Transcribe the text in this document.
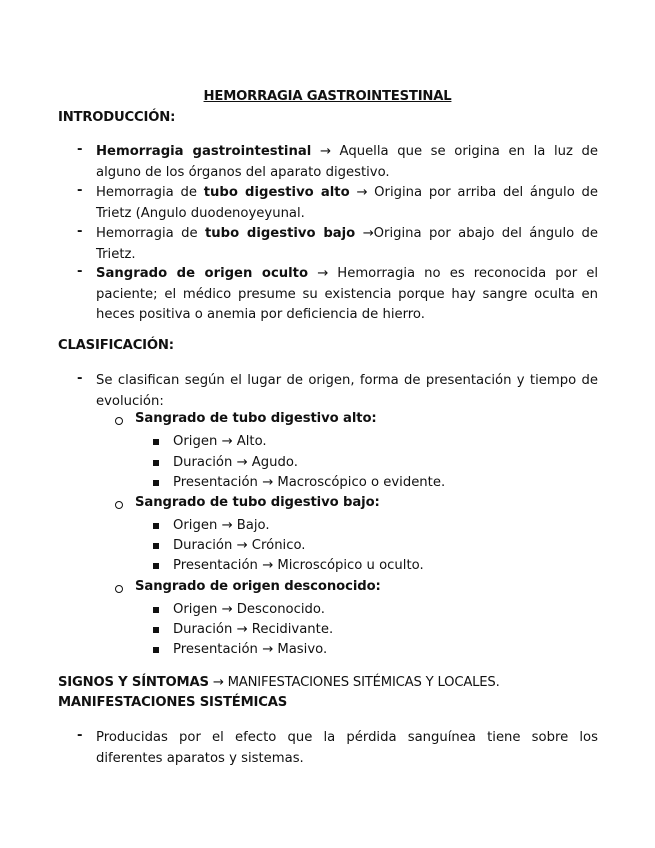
HEMORRAGIA GASTROINTESTINAL
INTRODUCCIÓN:
- Hemorragia gastrointestinal → Aquella que se origina en la luz de alguno de los órganos del aparato digestivo.
- Hemorragia de tubo digestivo alto → Origina por arriba del ángulo de Trietz (Angulo duodenoyeyunal.
- Hemorragia de tubo digestivo bajo →Origina por abajo del ángulo de Trietz.
- Sangrado de origen oculto → Hemorragia no es reconocida por el paciente; el médico presume su existencia porque hay sangre oculta en heces positiva o anemia por deficiencia de hierro.
CLASIFICACIÓN:
- Se clasifican según el lugar de origen, forma de presentación y tiempo de evolución:
Sangrado de tubo digestivo alto:
Origen → Alto.
Duración → Agudo.
Presentación → Macroscópico o evidente.
Sangrado de tubo digestivo bajo:
Origen → Bajo.
Duración → Crónico.
Presentación → Microscópico u oculto.
Sangrado de origen desconocido:
Origen → Desconocido.
Duración → Recidivante.
Presentación → Masivo.
SIGNOS Y SÍNTOMAS → MANIFESTACIONES SITÉMICAS Y LOCALES.
MANIFESTACIONES SISTÉMICAS
- Producidas por el efecto que la pérdida sanguínea tiene sobre los diferentes aparatos y sistemas.
